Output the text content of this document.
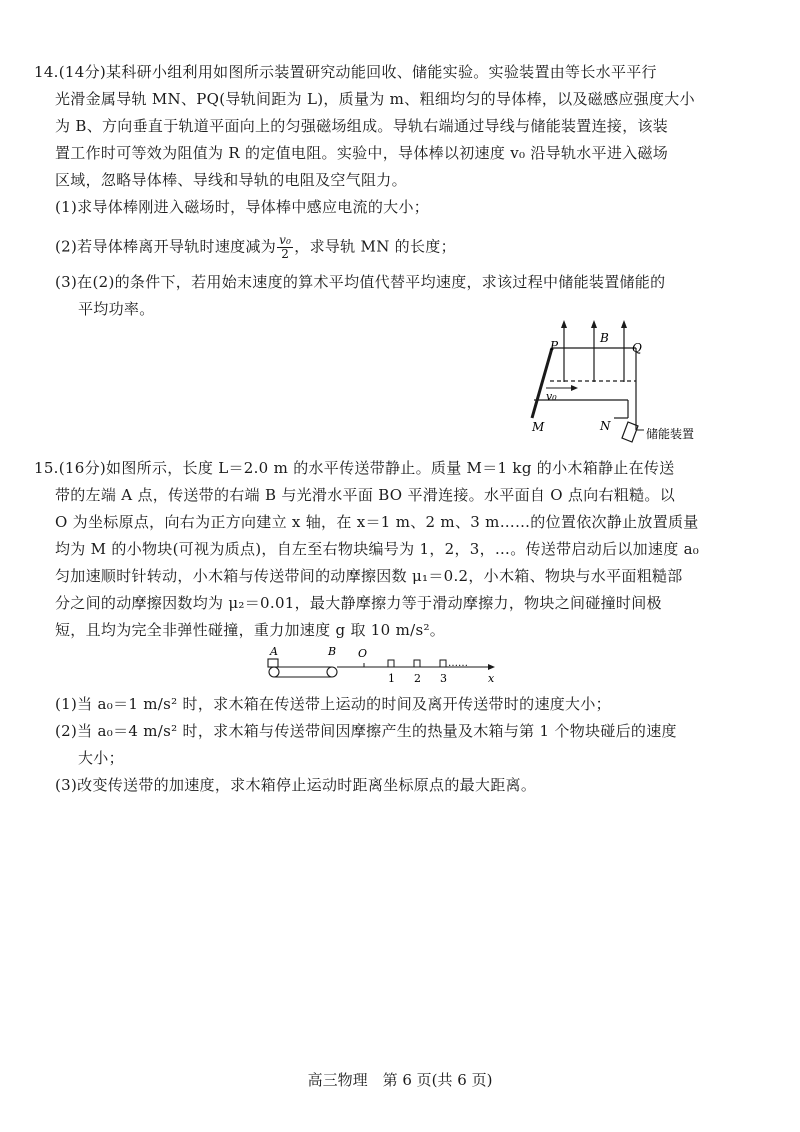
14.(14分)某科研小组利用如图所示装置研究动能回收、储能实验。实验装置由等长水平平行
光滑金属导轨 MN、PQ(导轨间距为 L)，质量为 m、粗细均匀的导体棒，以及磁感应强度大小
为 B、方向垂直于轨道平面向上的匀强磁场组成。导轨右端通过导线与储能装置连接，该装
置工作时可等效为阻值为 R 的定值电阻。实验中，导体棒以初速度 v₀ 沿导轨水平进入磁场
区域，忽略导体棒、导线和导轨的电阻及空气阻力。
(1)求导体棒刚进入磁场时，导体棒中感应电流的大小；
(2)若导体棒离开导轨时速度减为 $\frac{\text{v₀}}{2}$ ，求导轨 MN 的长度；
(3)在(2)的条件下，若用始末速度的算术平均值代替平均速度，求该过程中储能装置储能的
平均功率。
P
B
Q
v₀
M	N
储能装置
15.(16分)如图所示，长度 L＝2.0 m 的水平传送带静止。质量 M＝1 kg 的小木箱静止在传送
带的左端 A 点，传送带的右端 B 与光滑水平面 BO 平滑连接。水平面自 O 点向右粗糙。以
O 为坐标原点，向右为正方向建立 x 轴，在 x＝1 m、2 m、3 m……的位置依次静止放置质量
均为 M 的小物块(可视为质点)，自左至右物块编号为 1，2，3，…。传送带启动后以加速度 a₀
匀加速顺时针转动，小木箱与传送带间的动摩擦因数 μ₁＝0.2，小木箱、物块与水平面粗糙部
分之间的动摩擦因数均为 μ₂＝0.01，最大静摩擦力等于滑动摩擦力，物块之间碰撞时间极
短，且均为完全非弹性碰撞，重力加速度 g 取 10 m/s²。
A	B O
1 2 3
……
x
(1)当 a₀＝1 m/s² 时，求木箱在传送带上运动的时间及离开传送带时的速度大小；
(2)当 a₀＝4 m/s² 时，求木箱与传送带间因摩擦产生的热量及木箱与第 1 个物块碰后的速度
大小；
(3)改变传送带的加速度，求木箱停止运动时距离坐标原点的最大距离。
高三物理　第 6 页(共 6 页)
